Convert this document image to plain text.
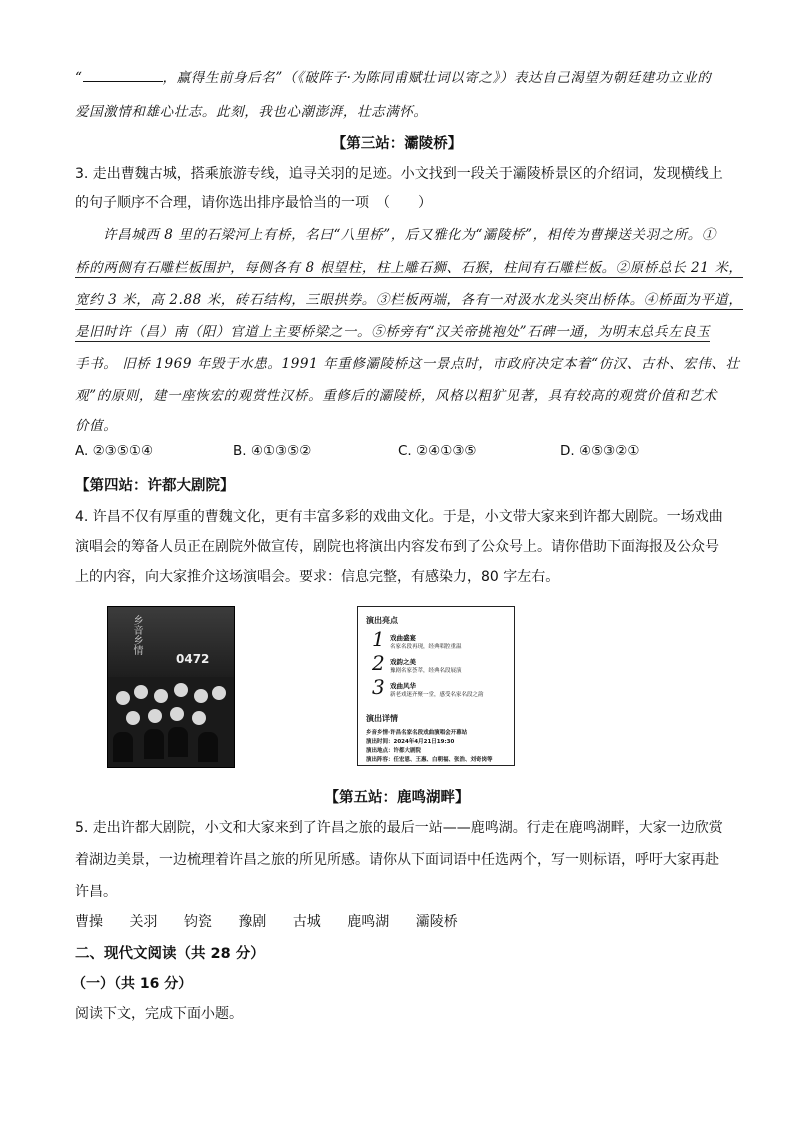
“	，赢得生前身后名”（《破阵子·为陈同甫赋壮词以寄之》）表达自己渴望为朝廷建功立业的
爱国激情和雄心壮志。此刻，我也心潮澎湃，壮志满怀。
【第三站：灞陵桥】
3. 走出曹魏古城，搭乘旅游专线，追寻关羽的足迹。小文找到一段关于灞陵桥景区的介绍词，发现横线上
的句子顺序不合理，请你选出排序最恰当的一项　（　　）
许昌城西 8 里的石梁河上有桥，名曰“八里桥”，后又雅化为“灞陵桥”，相传为曹操送关羽之所。①
桥的两侧有石雕栏板围护，每侧各有 8 根望柱，柱上雕石狮、石猴，柱间有石雕栏板。②原桥总长 21 米，
宽约 3 米，高 2.88 米，砖石结构，三眼拱券。③栏板两端，各有一对汲水龙头突出桥体。④桥面为平道，
是旧时许（昌）南（阳）官道上主要桥梁之一。⑤桥旁有“汉关帝挑袍处”石碑一通，为明末总兵左良玉
手书。 旧桥 1969 年毁于水患。1991 年重修灞陵桥这一景点时，市政府决定本着“仿汉、古朴、宏伟、壮
观”的原则，建一座恢宏的观赏性汉桥。重修后的灞陵桥，风格以粗犷见著，具有较高的观赏价值和艺术
价值。
A. ②③⑤①④	B. ④①③⑤②	C. ②④①③⑤	D. ④⑤③②①
【第四站：许都大剧院】
4. 许昌不仅有厚重的曹魏文化，更有丰富多彩的戏曲文化。于是，小文带大家来到许都大剧院。一场戏曲
演唱会的筹备人员正在剧院外做宣传，剧院也将演出内容发布到了公众号上。请你借助下面海报及公众号
上的内容，向大家推介这场演唱会。要求：信息完整，有感染力，80 字左右。
乡音乡情
0472
演出亮点
1 戏曲盛宴
名家名段再现，经典唱腔重温
2 戏韵之美
豫剧名家荟萃，经典名段展演
3 戏曲风华
新老戏迷齐聚一堂，感受名家名段之韵
演出详情
乡音乡情·许昌名家名段戏曲演唱会开幕站
演出时间：2024年4月21日19:30
演出地点：许都大剧院
演出阵容：任宏恩、王惠、白朝福、张浩、刘奇岗等
【第五站：鹿鸣湖畔】
5. 走出许都大剧院，小文和大家来到了许昌之旅的最后一站——鹿鸣湖。行走在鹿鸣湖畔，大家一边欣赏
着湖边美景，一边梳理着许昌之旅的所见所感。请你从下面词语中任选两个，写一则标语，呼吁大家再赴
许昌。
曹操 关羽 钧瓷 豫剧 古城 鹿鸣湖 灞陵桥
二、现代文阅读（共 28 分）
（一）（共 16 分）
阅读下文，完成下面小题。
